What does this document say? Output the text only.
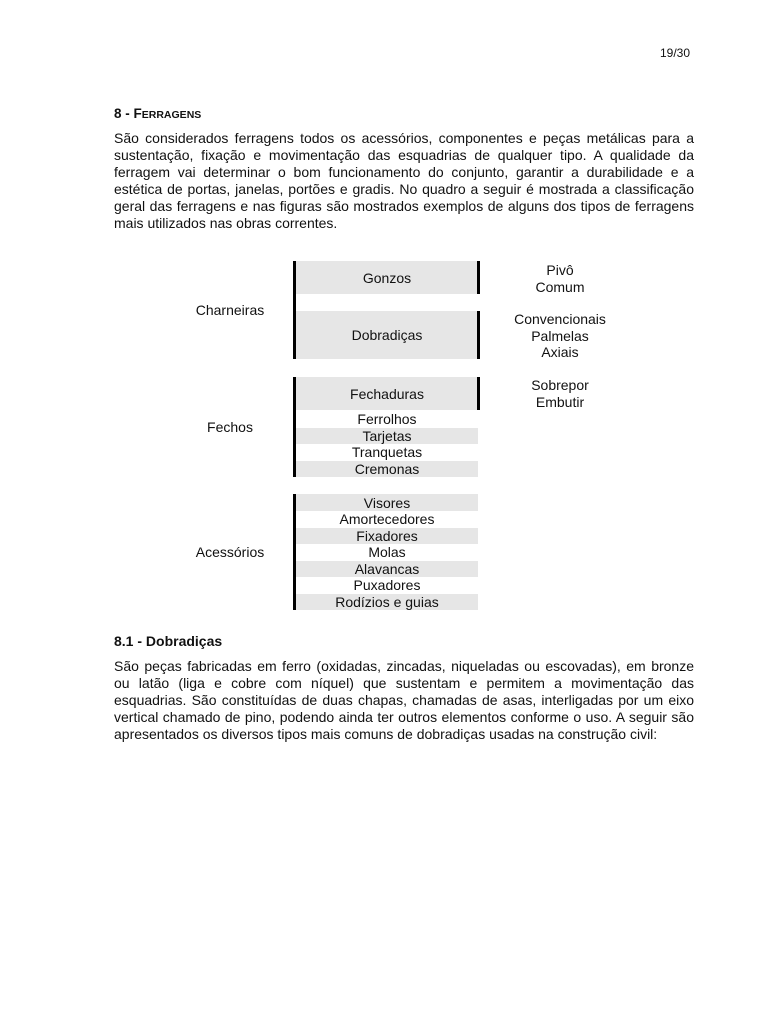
19/30
8 - FERRAGENS

São considerados ferragens todos os acessórios, componentes e peças metálicas para a sustentação, fixação e movimentação das esquadrias de qualquer tipo. A qualidade da ferragem vai determinar o bom funcionamento do conjunto, garantir a durabilidade e a estética de portas, janelas, portões e gradis. No quadro a seguir é mostrada a classificação geral das ferragens e nas figuras são mostrados exemplos de alguns dos tipos de ferragens mais utilizados nas obras correntes.

Charneiras
Gonzos
Dobradiças
Pivô
Comum
Convencionais
Palmelas
Axiais
Fechos
Fechaduras
Ferrolhos
Tarjetas
Tranquetas
Cremonas
Sobrepor
Embutir
Acessórios
Visores
Amortecedores
Fixadores
Molas
Alavancas
Puxadores
Rodízios e guias
8.1 - Dobradiças

São peças fabricadas em ferro (oxidadas, zincadas, niqueladas ou escovadas), em bronze ou latão (liga e cobre com níquel) que sustentam e permitem a movimentação das esquadrias. São constituídas de duas chapas, chamadas de asas, interligadas por um eixo vertical chamado de pino, podendo ainda ter outros elementos conforme o uso. A seguir são apresentados os diversos tipos mais comuns de dobradiças usadas na construção civil:
